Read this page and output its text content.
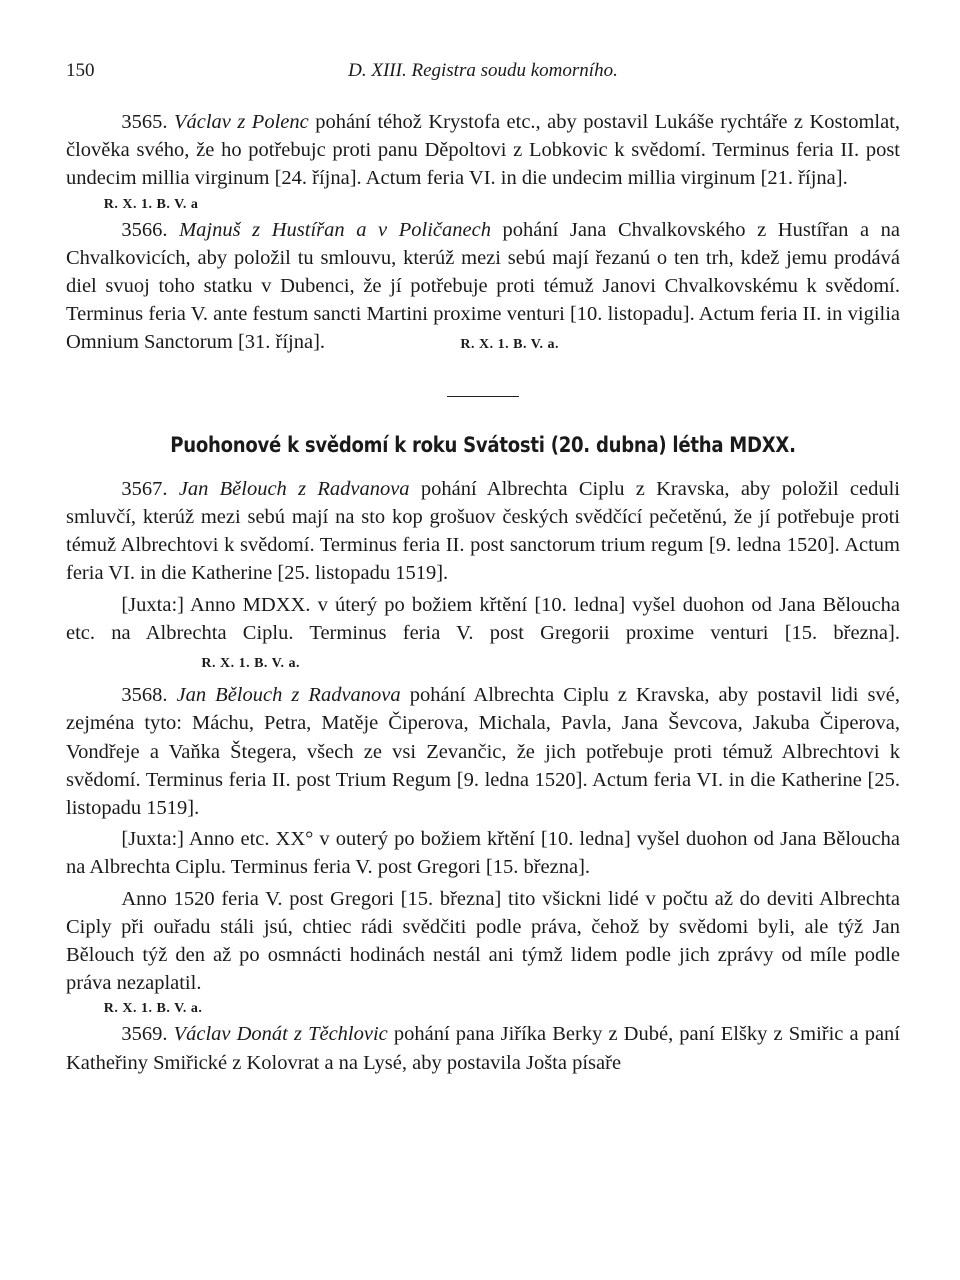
150	D. XIII. Registra soudu komorního.

3565. Václav z Polenc pohání téhož Krystofa etc., aby postavil Lukáše rychtáře z Kostomlat, člověka svého, že ho potřebujc proti panu Děpoltovi z Lobkovic k svědomí. Terminus feria II. post undecim millia virginum [24. října]. Actum feria VI. in die undecim millia virginum [21. října].

R. X. 1. B. V. a

3566. Majnuš z Hustířan a v Poličanech pohání Jana Chvalkovského z Hustířan a na Chvalkovicích, aby položil tu smlouvu, kterúž mezi sebú mají řezanú o ten trh, kdež jemu prodává diel svuoj toho statku v Dubenci, že jí potřebuje proti témuž Janovi Chvalkovskému k svědomí. Terminus feria V. ante festum sancti Martini proxime venturi [10. listopadu]. Actum feria II. in vigilia Omnium Sanctorum [31. října].	R. X. 1. B. V. a.

Puohonové k svědomí k roku Svátosti (20. dubna) létha MDXX.

3567. Jan Bělouch z Radvanova pohání Albrechta Ciplu z Kravska, aby položil ceduli smluvčí, kterúž mezi sebú mají na sto kop grošuov českých svědčící pečetěnú, že jí potřebuje proti témuž Albrechtovi k svědomí. Terminus feria II. post sanctorum trium regum [9. ledna 1520]. Actum feria VI. in die Katherine [25. listopadu 1519].

[Juxta:] Anno MDXX. v úterý po božiem křtění [10. ledna] vyšel duohon od Jana Běloucha etc. na Albrechta Ciplu. Terminus feria V. post Gregorii proxime venturi [15. března].R. X. 1. B. V. a.

3568. Jan Bělouch z Radvanova pohání Albrechta Ciplu z Kravska, aby postavil lidi své, zejména tyto: Máchu, Petra, Matěje Čiperova, Michala, Pavla, Jana Ševcova, Jakuba Čiperova, Vondřeje a Vaňka Štegera, všech ze vsi Zevančic, že jich potřebuje proti témuž Albrechtovi k svědomí. Terminus feria II. post Trium Regum [9. ledna 1520]. Actum feria VI. in die Katherine [25. listopadu 1519].

[Juxta:] Anno etc. XX° v outerý po božiem křtění [10. ledna] vyšel duohon od Jana Běloucha na Albrechta Ciplu. Terminus feria V. post Gregori [15. března].

Anno 1520 feria V. post Gregori [15. března] tito všickni lidé v počtu až do deviti Albrechta Ciply při ouřadu stáli jsú, chtiec rádi svědčiti podle práva, čehož by svědomi byli, ale týž Jan Bělouch týž den až po osmnácti hodinách nestál ani týmž lidem podle jich zprávy od míle podle práva nezaplatil.

R. X. 1. B. V. a.

3569. Václav Donát z Těchlovic pohání pana Jiříka Berky z Dubé, paní Elšky z Smiřic a paní Katheřiny Smiřické z Kolovrat a na Lysé, aby postavila Jošta písaře
